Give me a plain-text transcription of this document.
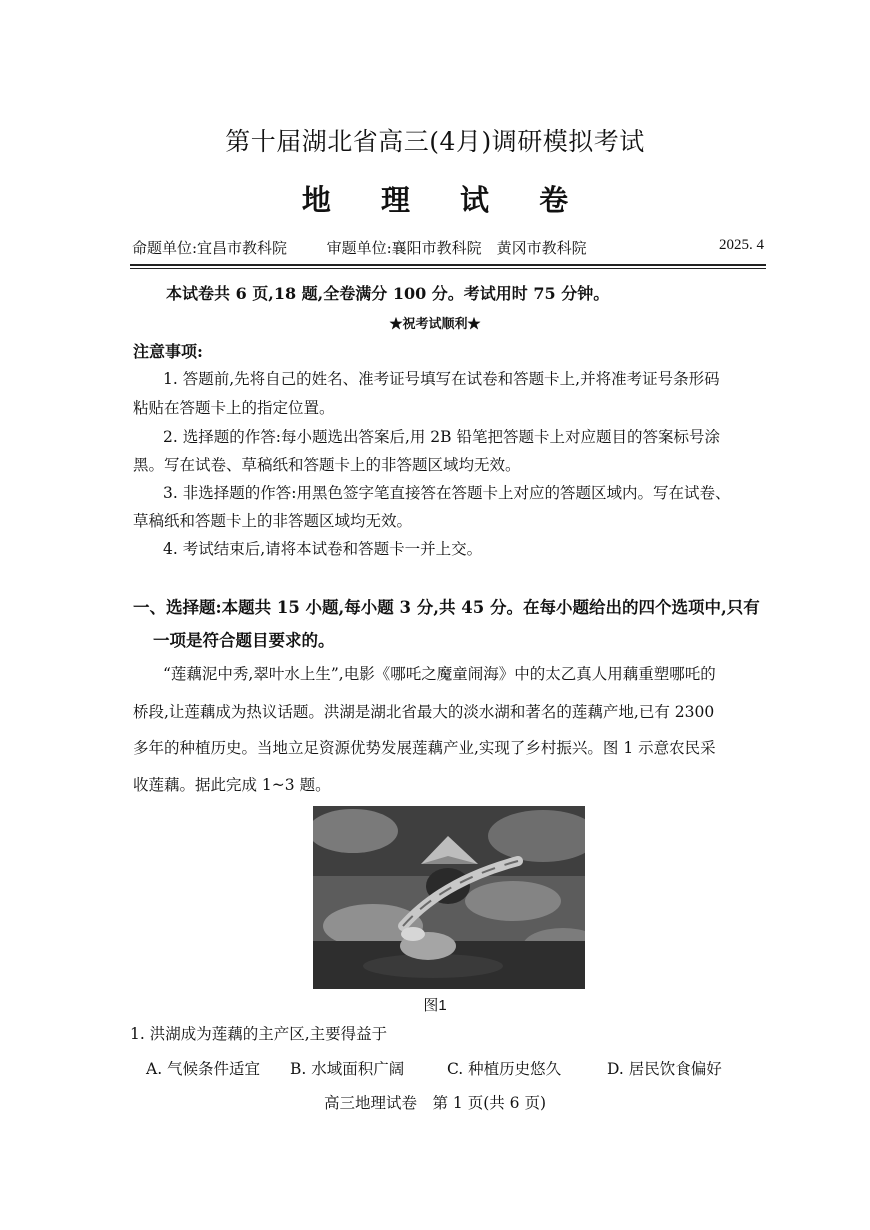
第十届湖北省高三(4月)调研模拟考试
地 理 试 卷
命题单位:宜昌市教科院	审题单位:襄阳市教科院　黄冈市教科院	2025. 4
本试卷共 6 页,18 题,全卷满分 100 分。考试用时 75 分钟。
★祝考试顺利★
注意事项:
1. 答题前,先将自己的姓名、准考证号填写在试卷和答题卡上,并将准考证号条形码
粘贴在答题卡上的指定位置。
2. 选择题的作答:每小题选出答案后,用 2B 铅笔把答题卡上对应题目的答案标号涂
黑。写在试卷、草稿纸和答题卡上的非答题区域均无效。
3. 非选择题的作答:用黑色签字笔直接答在答题卡上对应的答题区域内。写在试卷、
草稿纸和答题卡上的非答题区域均无效。
4. 考试结束后,请将本试卷和答题卡一并上交。
一、选择题:本题共 15 小题,每小题 3 分,共 45 分。在每小题给出的四个选项中,只有
一项是符合题目要求的。
“莲藕泥中秀,翠叶水上生”,电影《哪吒之魔童闹海》中的太乙真人用藕重塑哪吒的
桥段,让莲藕成为热议话题。洪湖是湖北省最大的淡水湖和著名的莲藕产地,已有 2300
多年的种植历史。当地立足资源优势发展莲藕产业,实现了乡村振兴。图 1 示意农民采
收莲藕。据此完成 1~3 题。
图1
1. 洪湖成为莲藕的主产区,主要得益于
A. 气候条件适宜 B. 水域面积广阔	C. 种植历史悠久	D. 居民饮食偏好
高三地理试卷　第 1 页(共 6 页)
